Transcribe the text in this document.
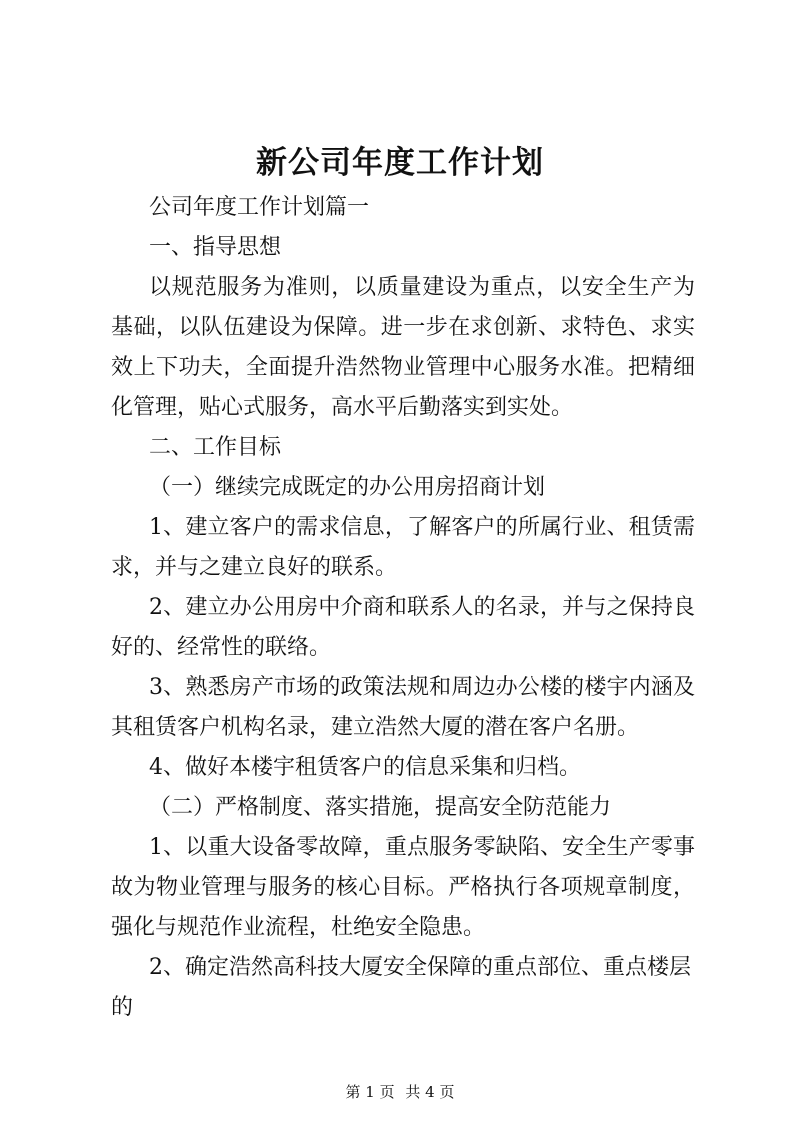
新公司年度工作计划

公司年度工作计划篇一

一、指导思想

以规范服务为准则，以质量建设为重点，以安全生产为基础，以队伍建设为保障。进一步在求创新、求特色、求实效上下功夫，全面提升浩然物业管理中心服务水准。把精细化管理，贴心式服务，高水平后勤落实到实处。

二、工作目标

（一）继续完成既定的办公用房招商计划

1、建立客户的需求信息，了解客户的所属行业、租赁需求，并与之建立良好的联系。

2、建立办公用房中介商和联系人的名录，并与之保持良好的、经常性的联络。

3、熟悉房产市场的政策法规和周边办公楼的楼宇内涵及其租赁客户机构名录，建立浩然大厦的潜在客户名册。

4、做好本楼宇租赁客户的信息采集和归档。

（二）严格制度、落实措施，提高安全防范能力

1、以重大设备零故障，重点服务零缺陷、安全生产零事故为物业管理与服务的核心目标。严格执行各项规章制度，强化与规范作业流程，杜绝安全隐患。

2、确定浩然高科技大厦安全保障的重点部位、重点楼层的

第 1 页 共 4 页
